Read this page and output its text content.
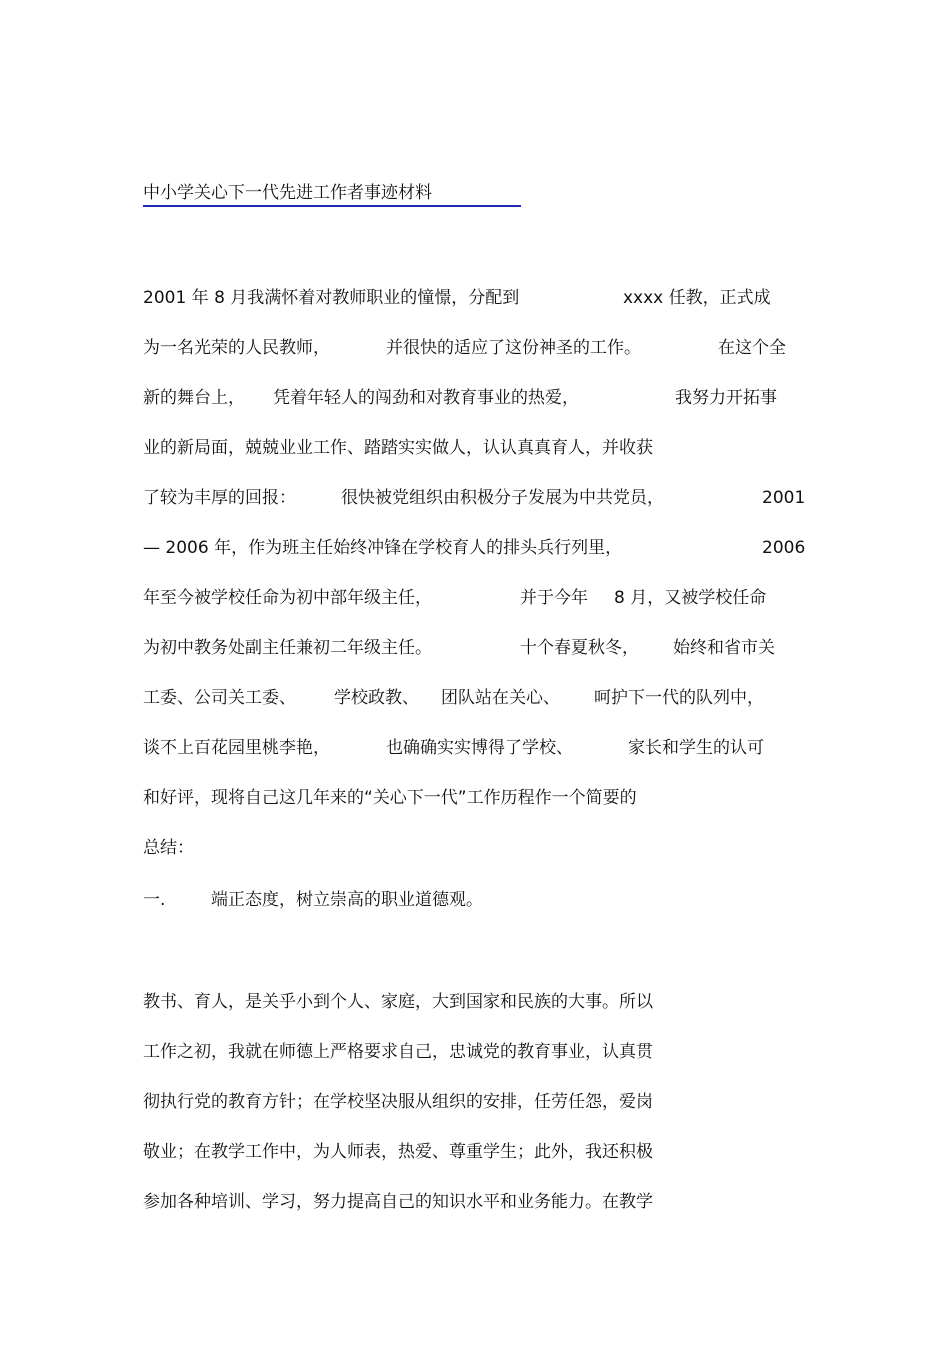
中小学关心下一代先进工作者事迹材料
2001 年 8 月我满怀着对教师职业的憧憬，分配到	xxxx 任教，正式成
为一名光荣的人民教师，	并很快的适应了这份神圣的工作。	在这个全
新的舞台上， 凭着年轻人的闯劲和对教育事业的热爱，	我努力开拓事
业的新局面，兢兢业业工作、踏踏实实做人，认认真真育人，并收获
了较为丰厚的回报：	很快被党组织由积极分子发展为中共党员，	2001
— 2006 年，作为班主任始终冲锋在学校育人的排头兵行列里，	2006
年至今被学校任命为初中部年级主任，	并于今年 8 月，又被学校任命
为初中教务处副主任兼初二年级主任。	十个春夏秋冬， 始终和省市关
工委、公司关工委、 学校政教、 团队站在关心、 呵护下一代的队列中，
谈不上百花园里桃李艳，	也确确实实博得了学校、	家长和学生的认可
和好评，现将自己这几年来的“关心下一代”工作历程作一个简要的
总结：
一.	端正态度，树立崇高的职业道德观。
教书、育人，是关乎小到个人、家庭，大到国家和民族的大事。所以
工作之初，我就在师德上严格要求自己，忠诚党的教育事业，认真贯
彻执行党的教育方针；在学校坚决服从组织的安排，任劳任怨，爱岗
敬业；在教学工作中，为人师表，热爱、尊重学生；此外，我还积极
参加各种培训、学习，努力提高自己的知识水平和业务能力。在教学
